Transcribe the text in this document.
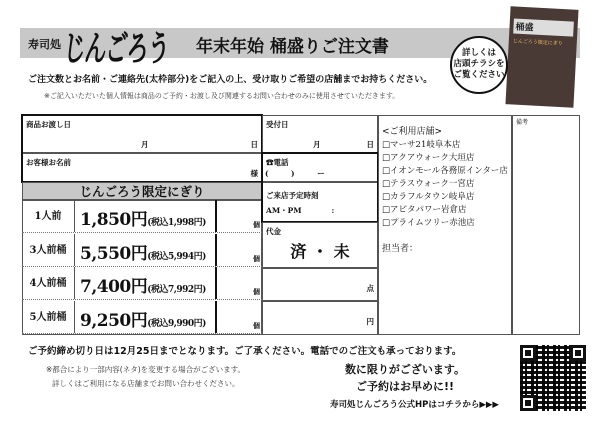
寿司処 じんごろう 年末年始 桶盛りご注文書
桶盛
じんごろう限定にぎり
詳しくは
店頭チラシを
ご覧ください
ご注文数とお名前・ご連絡先(太枠部分)をご記入の上、受け取りご希望の店舗までお持ちください。
※ご記入いただいた個人情報は商品のご予約・お渡し及び関連するお問い合わせのみに使用させていただきます。
商品お渡し日
月	日
お客様お名前
様
じんごろう限定にぎり
1人前	1,850円(税込1,998円)	個
3人前桶 5,550円(税込5,994円)	個
4人前桶 7,400円(税込7,992円)	個
5人前桶 9,250円(税込9,990円)	個
受付日
月	日
☎電話
(　　　)　　　ー
ご来店予定時刻
AM・PM　　　　:
代金
済 ・ 未
点
円
<ご利用店舗>
□マーサ21岐阜本店
□アクアウォーク大垣店
□イオンモール各務原インター店
□テラスウォーク一宮店
□カラフルタウン岐阜店
□アピタパワー岩倉店
□プライムツリー赤池店
担当者：
備考
ご予約締め切り日は12月25日までとなります。ご了承ください。電話でのご注文も承っております。
※都合により一部内容(ネタ)を変更する場合がございます。
詳しくはご利用になる店舗までお問い合わせください。
数に限りがございます。
ご予約はお早めに!!
寿司処じんごろう公式HPはコチラから▶▶▶
